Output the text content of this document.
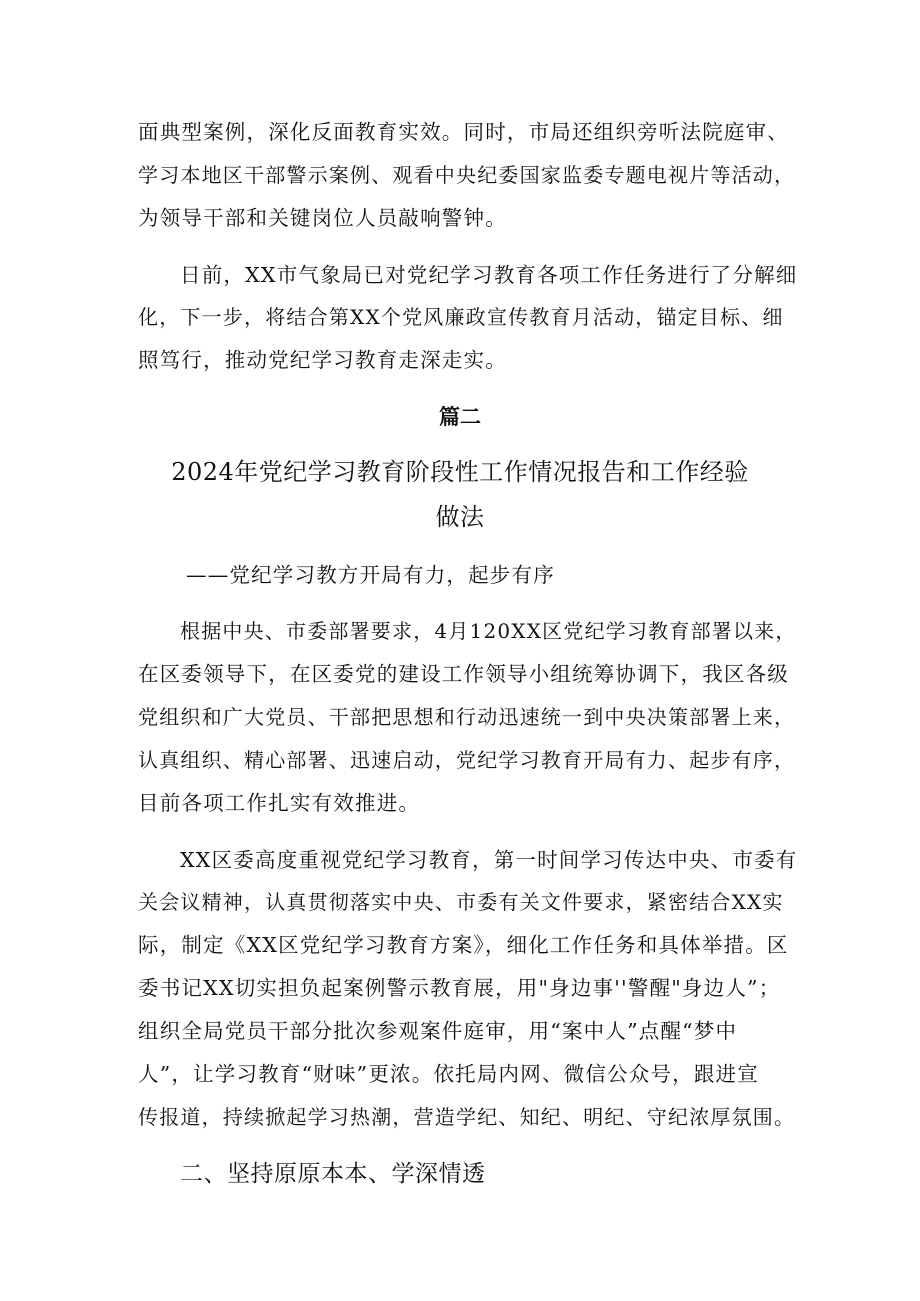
面典型案例，深化反面教育实效。同时，市局还组织旁听法院庭审、
学习本地区干部警示案例、观看中央纪委国家监委专题电视片等活动，
为领导干部和关键岗位人员敲响警钟。
日前，XX市气象局已对党纪学习教育各项工作任务进行了分解细
化，下一步，将结合第XX个党风廉政宣传教育月活动，锚定目标、细
照笃行，推动党纪学习教育走深走实。
篇二
2024年党纪学习教育阶段性工作情况报告和工作经验
做法
——党纪学习教方开局有力，起步有序
根据中央、市委部署要求，4月120XX区党纪学习教育部署以来，
在区委领导下，在区委党的建设工作领导小组统筹协调下，我区各级
党组织和广大党员、干部把思想和行动迅速统一到中央决策部署上来，
认真组织、精心部署、迅速启动，党纪学习教育开局有力、起步有序，
目前各项工作扎实有效推进。
XX区委高度重视党纪学习教育，第一时间学习传达中央、市委有
关会议精神，认真贯彻落实中央、市委有关文件要求，紧密结合XX实
际，制定《XX区党纪学习教育方案》，细化工作任务和具体举措。区
委书记XX切实担负起案例警示教育展，用"身边事''警醒"身边人”；
组织全局党员干部分批次参观案件庭审，用“案中人”点醒“梦中
人”，让学习教育“财味”更浓。依托局内网、微信公众号，跟进宣
传报道，持续掀起学习热潮，营造学纪、知纪、明纪、守纪浓厚氛围。
二、坚持原原本本、学深情透
